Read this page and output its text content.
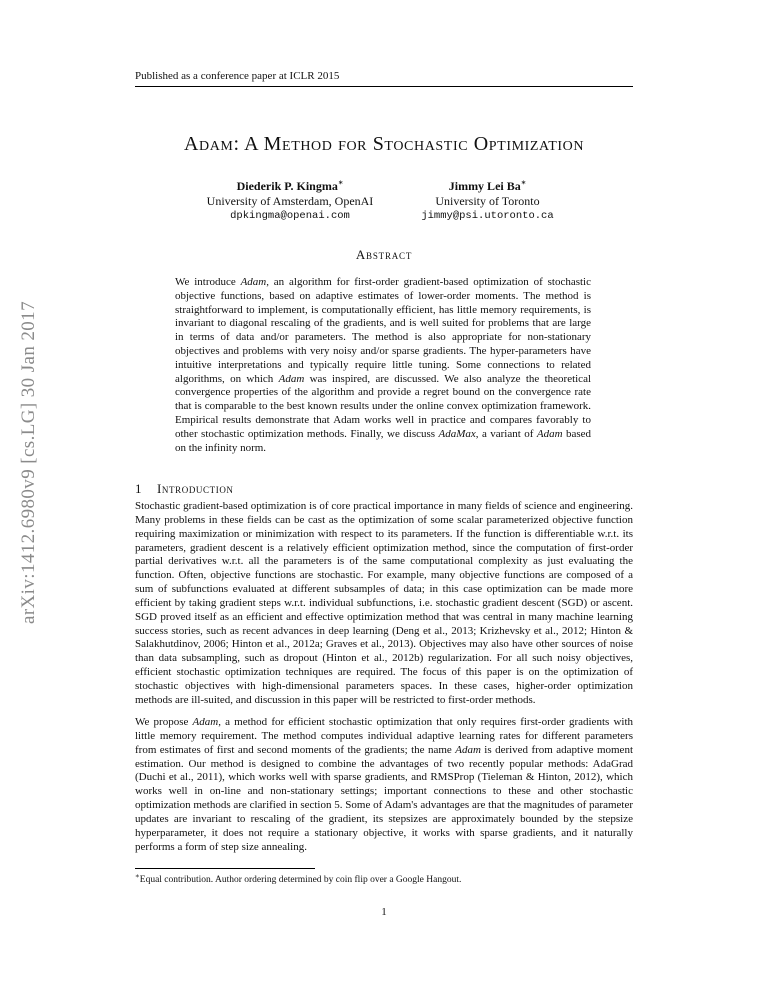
Published as a conference paper at ICLR 2015
arXiv:1412.6980v9 [cs.LG] 30 Jan 2017
Adam: A Method for Stochastic Optimization
Diederik P. Kingma∗
University of Amsterdam, OpenAI
dpkingma@openai.com
Jimmy Lei Ba∗
University of Toronto
jimmy@psi.utoronto.ca
Abstract

We introduce Adam, an algorithm for first-order gradient-based optimization of stochastic objective functions, based on adaptive estimates of lower-order moments. The method is straightforward to implement, is computationally efficient, has little memory requirements, is invariant to diagonal rescaling of the gradients, and is well suited for problems that are large in terms of data and/or parameters. The method is also appropriate for non-stationary objectives and problems with very noisy and/or sparse gradients. The hyper-parameters have intuitive interpretations and typically require little tuning. Some connections to related algorithms, on which Adam was inspired, are discussed. We also analyze the theoretical convergence properties of the algorithm and provide a regret bound on the convergence rate that is comparable to the best known results under the online convex optimization framework. Empirical results demonstrate that Adam works well in practice and compares favorably to other stochastic optimization methods. Finally, we discuss AdaMax, a variant of Adam based on the infinity norm.

1 Introduction

Stochastic gradient-based optimization is of core practical importance in many fields of science and engineering. Many problems in these fields can be cast as the optimization of some scalar parameterized objective function requiring maximization or minimization with respect to its parameters. If the function is differentiable w.r.t. its parameters, gradient descent is a relatively efficient optimization method, since the computation of first-order partial derivatives w.r.t. all the parameters is of the same computational complexity as just evaluating the function. Often, objective functions are stochastic. For example, many objective functions are composed of a sum of subfunctions evaluated at different subsamples of data; in this case optimization can be made more efficient by taking gradient steps w.r.t. individual subfunctions, i.e. stochastic gradient descent (SGD) or ascent. SGD proved itself as an efficient and effective optimization method that was central in many machine learning success stories, such as recent advances in deep learning (Deng et al., 2013; Krizhevsky et al., 2012; Hinton & Salakhutdinov, 2006; Hinton et al., 2012a; Graves et al., 2013). Objectives may also have other sources of noise than data subsampling, such as dropout (Hinton et al., 2012b) regularization. For all such noisy objectives, efficient stochastic optimization techniques are required. The focus of this paper is on the optimization of stochastic objectives with high-dimensional parameters spaces. In these cases, higher-order optimization methods are ill-suited, and discussion in this paper will be restricted to first-order methods.

We propose Adam, a method for efficient stochastic optimization that only requires first-order gradients with little memory requirement. The method computes individual adaptive learning rates for different parameters from estimates of first and second moments of the gradients; the name Adam is derived from adaptive moment estimation. Our method is designed to combine the advantages of two recently popular methods: AdaGrad (Duchi et al., 2011), which works well with sparse gradients, and RMSProp (Tieleman & Hinton, 2012), which works well in on-line and non-stationary settings; important connections to these and other stochastic optimization methods are clarified in section 5. Some of Adam's advantages are that the magnitudes of parameter updates are invariant to rescaling of the gradient, its stepsizes are approximately bounded by the stepsize hyperparameter, it does not require a stationary objective, it works with sparse gradients, and it naturally performs a form of step size annealing.

∗Equal contribution. Author ordering determined by coin flip over a Google Hangout.
1
